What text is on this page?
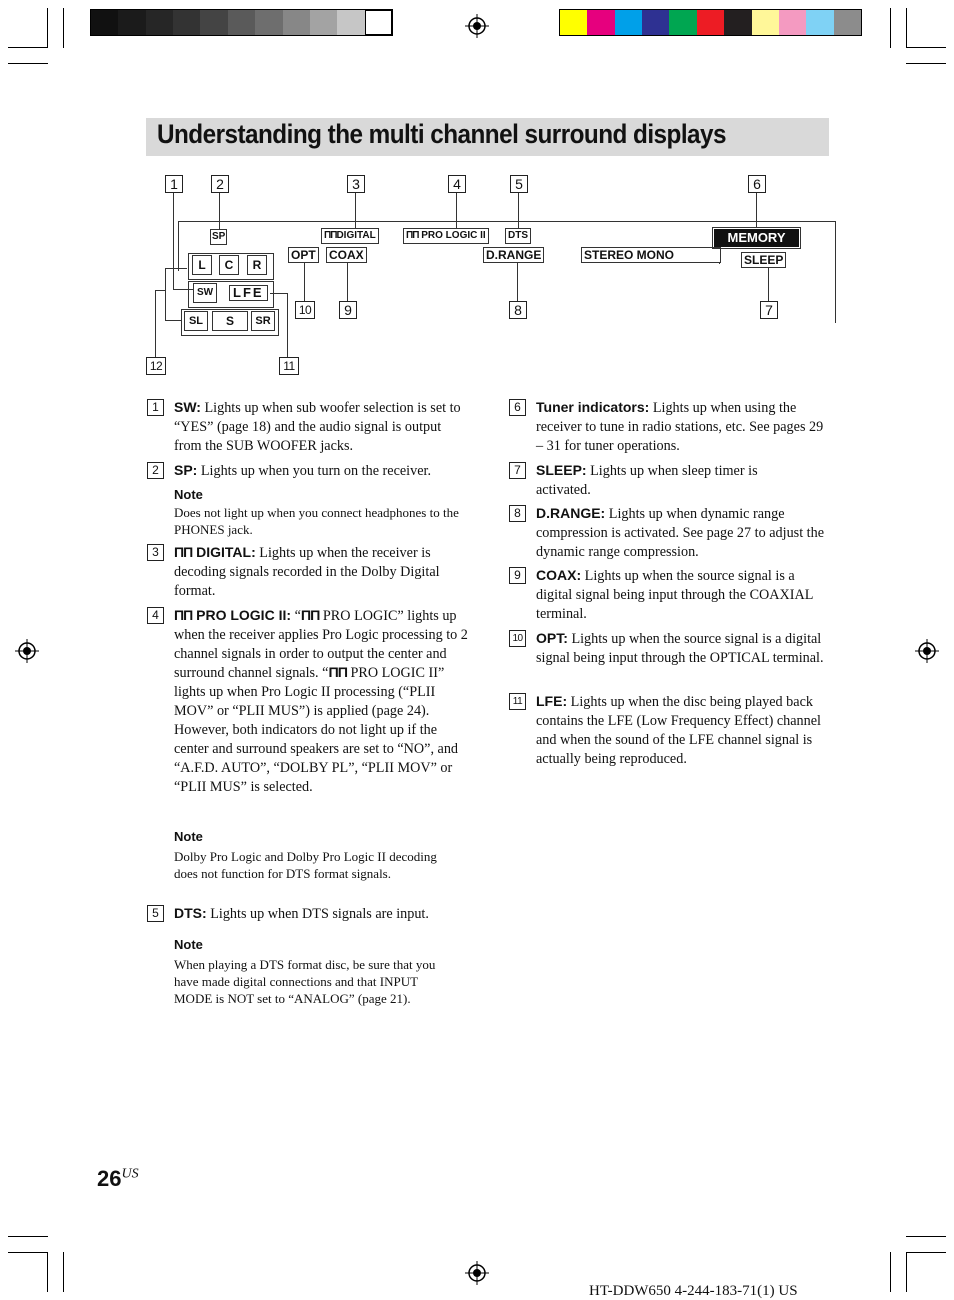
Understanding the multi channel surround displays
1	2	3	4	5	6
7
8
9
10
11
12
SP	ΠΠDIGITAL	ΠΠ PRO LOGIC II	DTS
OPT COAX	D.RANGE	STEREO MONO
MEMORY
SLEEP
L	C	R
SW	LFE
SL	S	SR
1	SW: Lights up when sub woofer selection is set to “YES” (page 18) and the audio signal is output from the SUB WOOFER jacks.
2	SP: Lights up when you turn on the receiver.
Note
Does not light up when you connect headphones to the PHONES jack.
3	ΠΠ DIGITAL: Lights up when the receiver is decoding signals recorded in the Dolby Digital format.
4	ΠΠ PRO LOGIC II: “ΠΠ PRO LOGIC” lights up when the receiver applies Pro Logic processing to 2 channel signals in order to output the center and surround channel signals. “ΠΠ PRO LOGIC II” lights up when Pro Logic II processing (“PLII MOV” or “PLII MUS”) is applied (page 24). However, both indicators do not light up if the center and surround speakers are set to “NO”, and “A.F.D. AUTO”, “DOLBY PL”, “PLII MOV” or “PLII MUS” is selected.
Note
Dolby Pro Logic and Dolby Pro Logic II decoding does not function for DTS format signals.
5	DTS: Lights up when DTS signals are input.
Note
When playing a DTS format disc, be sure that you have made digital connections and that INPUT MODE is NOT set to “ANALOG” (page 21).
6	Tuner indicators: Lights up when using the receiver to tune in radio stations, etc. See pages 29 – 31 for tuner operations.
7	SLEEP: Lights up when sleep timer is activated.
8	D.RANGE: Lights up when dynamic range compression is activated. See page 27 to adjust the dynamic range compression.
9	COAX: Lights up when the source signal is a digital signal being input through the COAXIAL terminal.
10 OPT: Lights up when the source signal is a digital signal being input through the OPTICAL terminal.
11 LFE: Lights up when the disc being played back contains the LFE (Low Frequency Effect) channel and when the sound of the LFE channel signal is actually being reproduced.
$26^{US}$
HT-DDW650 4-244-183-71(1) US
